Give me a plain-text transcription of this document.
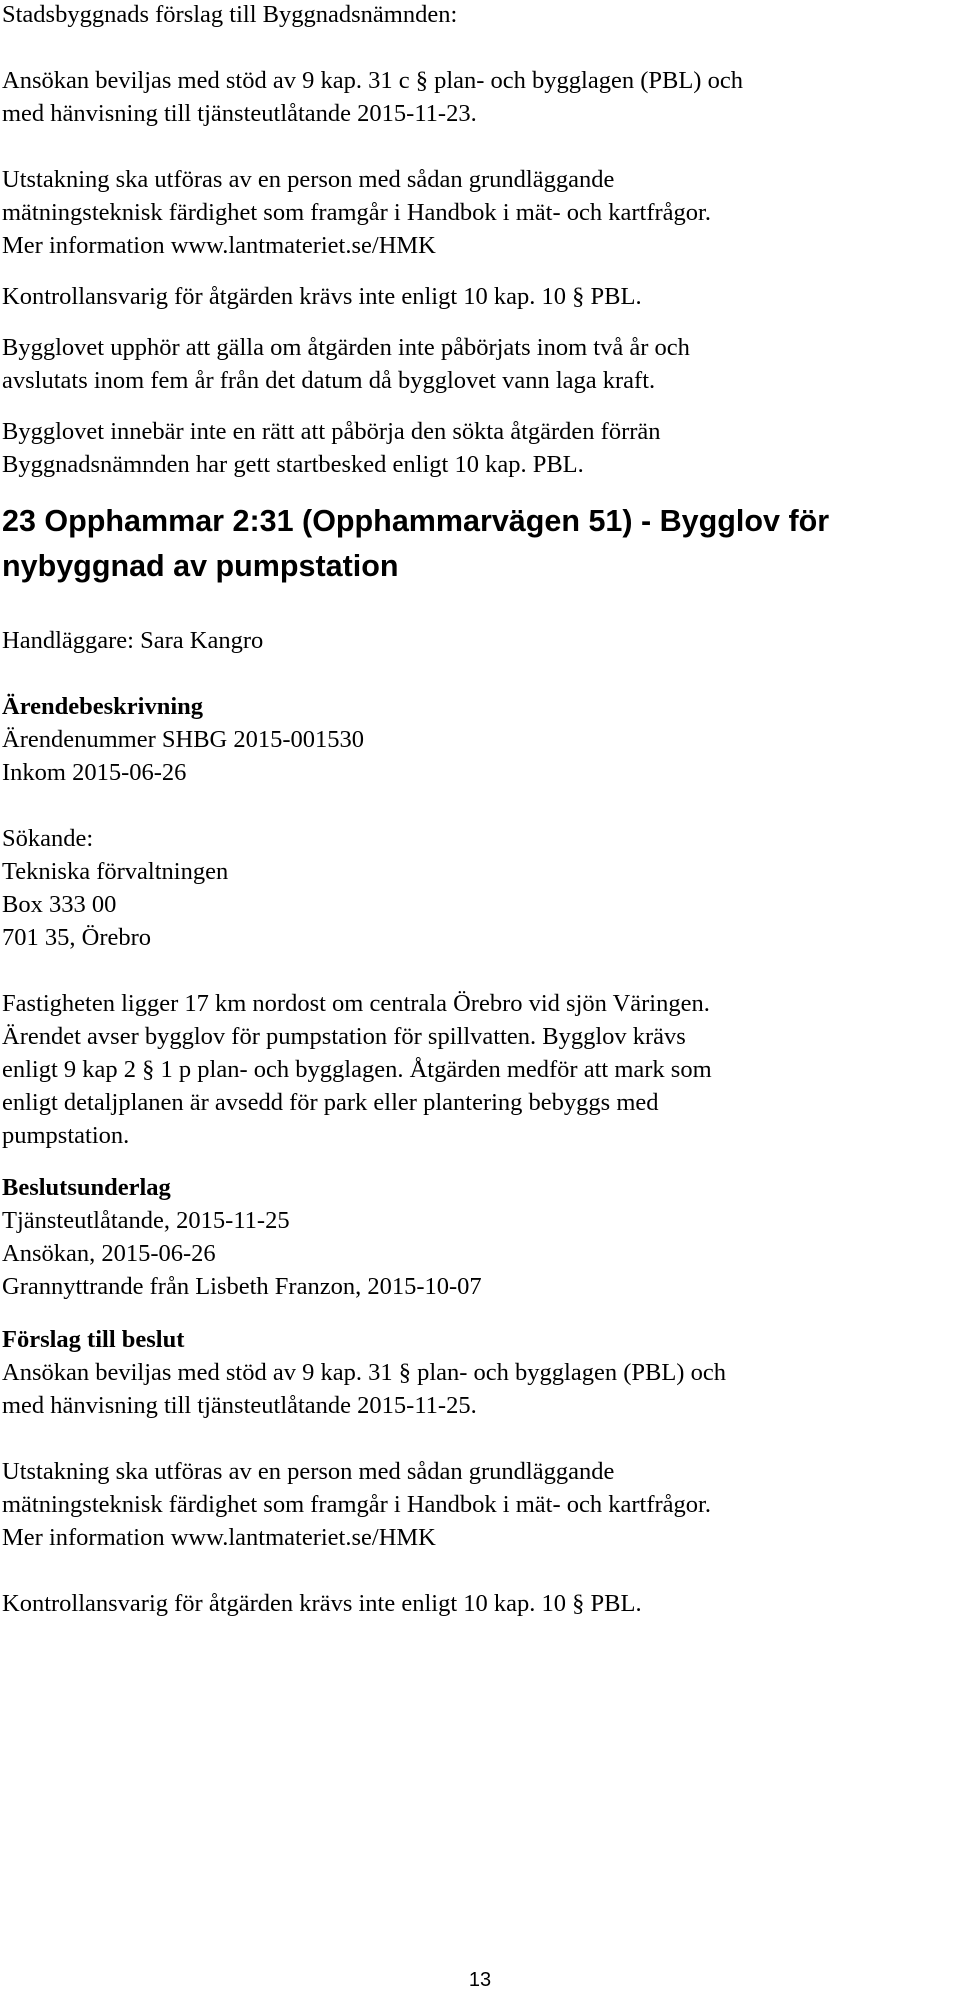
Stadsbyggnads förslag till Byggnadsnämnden:

Ansökan beviljas med stöd av 9 kap. 31 c § plan- och bygglagen (PBL) och

med hänvisning till tjänsteutlåtande 2015-11-23.

Utstakning ska utföras av en person med sådan grundläggande

mätningsteknisk färdighet som framgår i Handbok i mät- och kartfrågor.

Mer information www.lantmateriet.se/HMK

Kontrollansvarig för åtgärden krävs inte enligt 10 kap. 10 § PBL.

Bygglovet upphör att gälla om åtgärden inte påbörjats inom två år och

avslutats inom fem år från det datum då bygglovet vann laga kraft.

Bygglovet innebär inte en rätt att påbörja den sökta åtgärden förrän

Byggnadsnämnden har gett startbesked enligt 10 kap. PBL.

23 Opphammar 2:31 (Opphammarvägen 51) - Bygglov för
nybyggnad av pumpstation

Handläggare: Sara Kangro

Ärendebeskrivning

Ärendenummer SHBG 2015-001530

Inkom 2015-06-26

Sökande:

Tekniska förvaltningen

Box 333 00

701 35, Örebro

Fastigheten ligger 17 km nordost om centrala Örebro vid sjön Väringen.

Ärendet avser bygglov för pumpstation för spillvatten. Bygglov krävs

enligt 9 kap 2 § 1 p plan- och bygglagen. Åtgärden medför att mark som

enligt detaljplanen är avsedd för park eller plantering bebyggs med

pumpstation.

Beslutsunderlag

Tjänsteutlåtande, 2015-11-25

Ansökan, 2015-06-26

Grannyttrande från Lisbeth Franzon, 2015-10-07

Förslag till beslut

Ansökan beviljas med stöd av 9 kap. 31 § plan- och bygglagen (PBL) och

med hänvisning till tjänsteutlåtande 2015-11-25.

Utstakning ska utföras av en person med sådan grundläggande

mätningsteknisk färdighet som framgår i Handbok i mät- och kartfrågor.

Mer information www.lantmateriet.se/HMK

Kontrollansvarig för åtgärden krävs inte enligt 10 kap. 10 § PBL.

13
